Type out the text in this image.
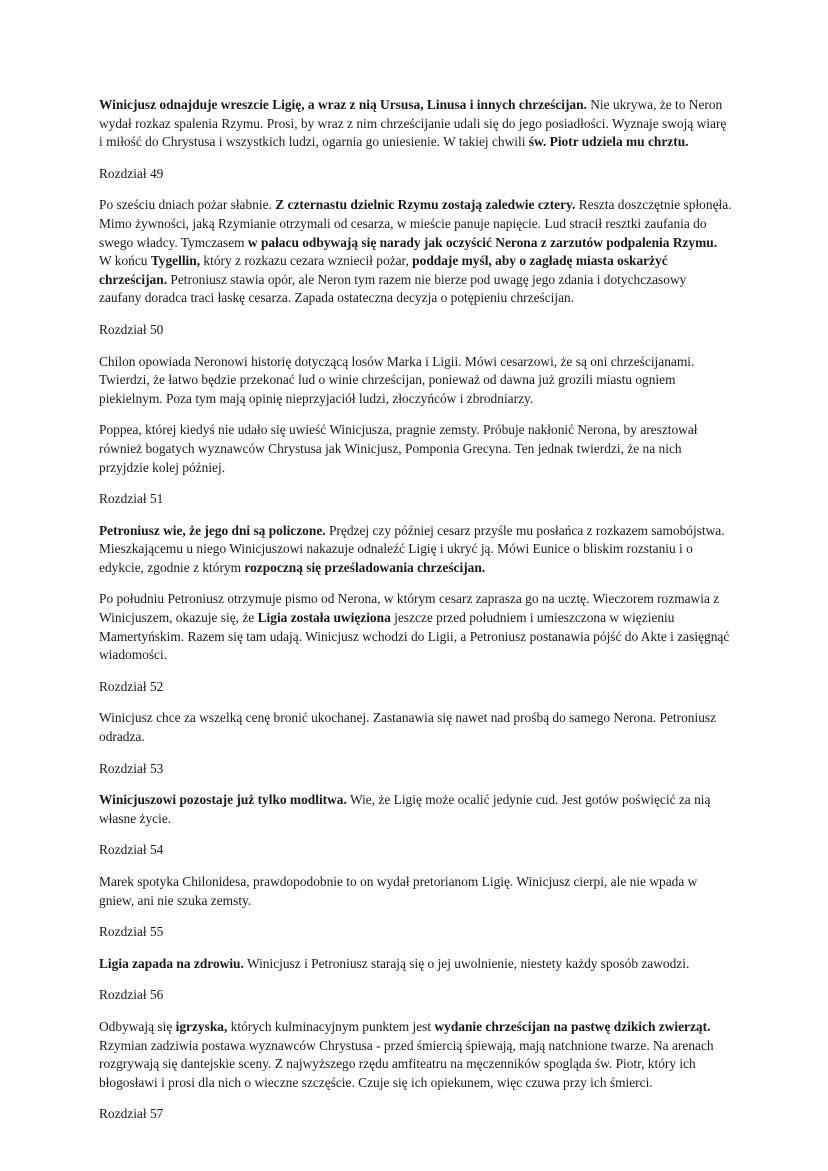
Winicjusz odnajduje wreszcie Ligię, a wraz z nią Ursusa, Linusa i innych chrześcijan. Nie ukrywa, że to Neron wydał rozkaz spalenia Rzymu. Prosi, by wraz z nim chrześcijanie udali się do jego posiadłości. Wyznaje swoją wiarę i miłość do Chrystusa i wszystkich ludzi, ogarnia go uniesienie. W takiej chwili św. Piotr udziela mu chrztu.

Rozdział 49

Po sześciu dniach pożar słabnie. Z czternastu dzielnic Rzymu zostają zaledwie cztery. Reszta doszczętnie spłonęła. Mimo żywności, jaką Rzymianie otrzymali od cesarza, w mieście panuje napięcie. Lud stracił resztki zaufania do swego władcy. Tymczasem w pałacu odbywają się narady jak oczyścić Nerona z zarzutów podpalenia Rzymu. W końcu Tygellin, który z rozkazu cezara wzniecił pożar, poddaje myśl, aby o zagładę miasta oskarżyć chrześcijan. Petroniusz stawia opór, ale Neron tym razem nie bierze pod uwagę jego zdania i dotychczasowy zaufany doradca traci łaskę cesarza. Zapada ostateczna decyzja o potępieniu chrześcijan.

Rozdział 50

Chilon opowiada Neronowi historię dotyczącą losów Marka i Ligii. Mówi cesarzowi, że są oni chrześcijanami. Twierdzi, że łatwo będzie przekonać lud o winie chrześcijan, ponieważ od dawna już grozili miastu ogniem piekielnym. Poza tym mają opinię nieprzyjaciół ludzi, złoczyńców i zbrodniarzy.

Poppea, której kiedyś nie udało się uwieść Winicjusza, pragnie zemsty. Próbuje nakłonić Nerona, by aresztował również bogatych wyznawców Chrystusa jak Winicjusz, Pomponia Grecyna. Ten jednak twierdzi, że na nich przyjdzie kolej później.

Rozdział 51

Petroniusz wie, że jego dni są policzone. Prędzej czy później cesarz przyśle mu posłańca z rozkazem samobójstwa. Mieszkającemu u niego Winicjuszowi nakazuje odnaleźć Ligię i ukryć ją. Mówi Eunice o bliskim rozstaniu i o edykcie, zgodnie z którym rozpoczną się prześladowania chrześcijan.

Po południu Petroniusz otrzymuje pismo od Nerona, w którym cesarz zaprasza go na ucztę. Wieczorem rozmawia z Winicjuszem, okazuje się, że Ligia została uwięziona jeszcze przed południem i umieszczona w więzieniu Mamertyńskim. Razem się tam udają. Winicjusz wchodzi do Ligii, a Petroniusz postanawia pójść do Akte i zasięgnąć wiadomości.

Rozdział 52

Winicjusz chce za wszelką cenę bronić ukochanej. Zastanawia się nawet nad prośbą do samego Nerona. Petroniusz odradza.

Rozdział 53

Winicjuszowi pozostaje już tylko modlitwa. Wie, że Ligię może ocalić jedynie cud. Jest gotów poświęcić za nią własne życie.

Rozdział 54

Marek spotyka Chilonidesa, prawdopodobnie to on wydał pretorianom Ligię. Winicjusz cierpi, ale nie wpada w gniew, ani nie szuka zemsty.

Rozdział 55

Ligia zapada na zdrowiu. Winicjusz i Petroniusz starają się o jej uwolnienie, niestety każdy sposób zawodzi.

Rozdział 56

Odbywają się igrzyska, których kulminacyjnym punktem jest wydanie chrześcijan na pastwę dzikich zwierząt. Rzymian zadziwia postawa wyznawców Chrystusa - przed śmiercią śpiewają, mają natchnione twarze. Na arenach rozgrywają się dantejskie sceny. Z najwyższego rzędu amfiteatru na męczenników spogląda św. Piotr, który ich błogosławi i prosi dla nich o wieczne szczęście. Czuje się ich opiekunem, więc czuwa przy ich śmierci.

Rozdział 57
